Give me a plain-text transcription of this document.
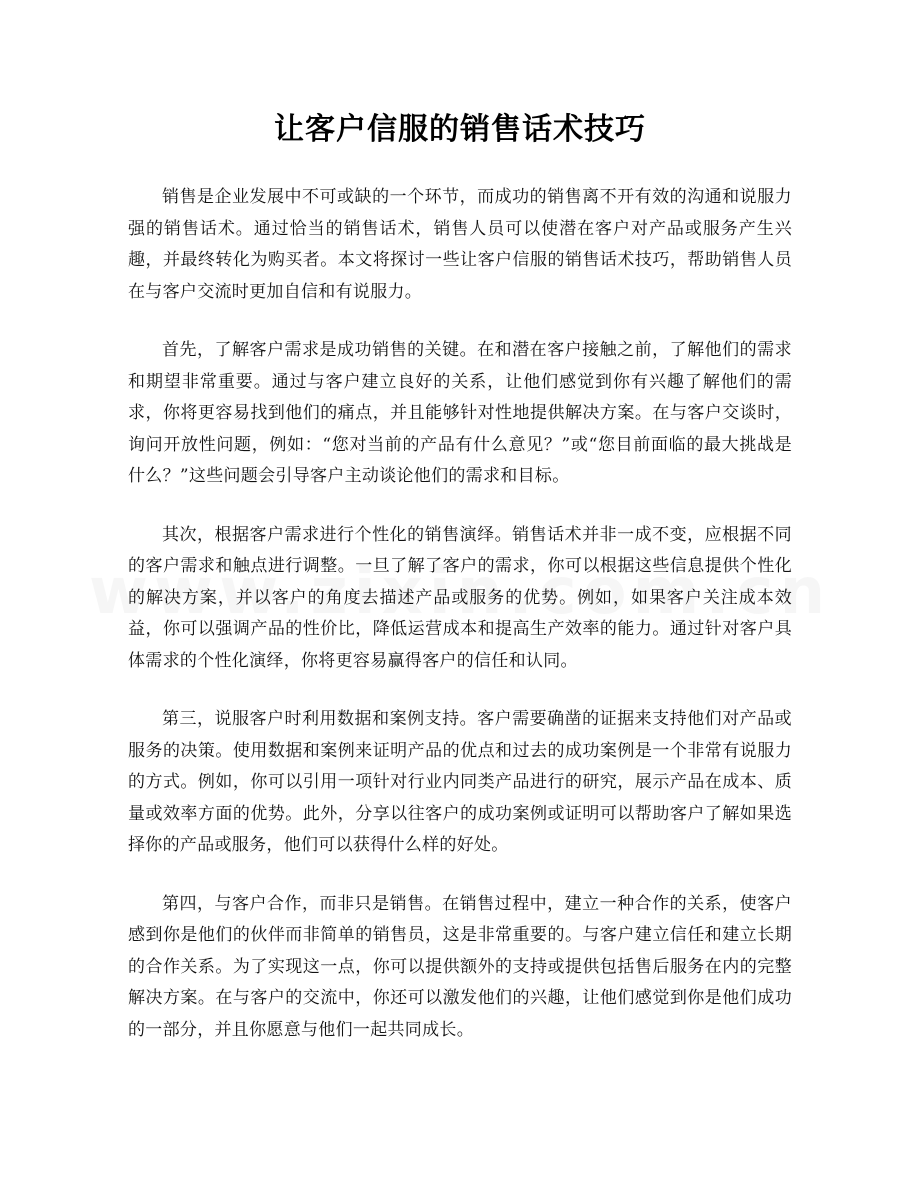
让客户信服的销售话术技巧

销售是企业发展中不可或缺的一个环节，而成功的销售离不开有效的沟通和说服力强的销售话术。通过恰当的销售话术，销售人员可以使潜在客户对产品或服务产生兴趣，并最终转化为购买者。本文将探讨一些让客户信服的销售话术技巧，帮助销售人员在与客户交流时更加自信和有说服力。

首先，了解客户需求是成功销售的关键。在和潜在客户接触之前，了解他们的需求和期望非常重要。通过与客户建立良好的关系，让他们感觉到你有兴趣了解他们的需求，你将更容易找到他们的痛点，并且能够针对性地提供解决方案。在与客户交谈时，询问开放性问题，例如：“您对当前的产品有什么意见？”或“您目前面临的最大挑战是什么？”这些问题会引导客户主动谈论他们的需求和目标。

其次，根据客户需求进行个性化的销售演绎。销售话术并非一成不变，应根据不同的客户需求和触点进行调整。一旦了解了客户的需求，你可以根据这些信息提供个性化的解决方案，并以客户的角度去描述产品或服务的优势。例如，如果客户关注成本效益，你可以强调产品的性价比，降低运营成本和提高生产效率的能力。通过针对客户具体需求的个性化演绎，你将更容易赢得客户的信任和认同。

第三，说服客户时利用数据和案例支持。客户需要确凿的证据来支持他们对产品或服务的决策。使用数据和案例来证明产品的优点和过去的成功案例是一个非常有说服力的方式。例如，你可以引用一项针对行业内同类产品进行的研究，展示产品在成本、质量或效率方面的优势。此外，分享以往客户的成功案例或证明可以帮助客户了解如果选择你的产品或服务，他们可以获得什么样的好处。

第四，与客户合作，而非只是销售。在销售过程中，建立一种合作的关系，使客户感到你是他们的伙伴而非简单的销售员，这是非常重要的。与客户建立信任和建立长期的合作关系。为了实现这一点，你可以提供额外的支持或提供包括售后服务在内的完整解决方案。在与客户的交流中，你还可以激发他们的兴趣，让他们感觉到你是他们成功的一部分，并且你愿意与他们一起共同成长。
